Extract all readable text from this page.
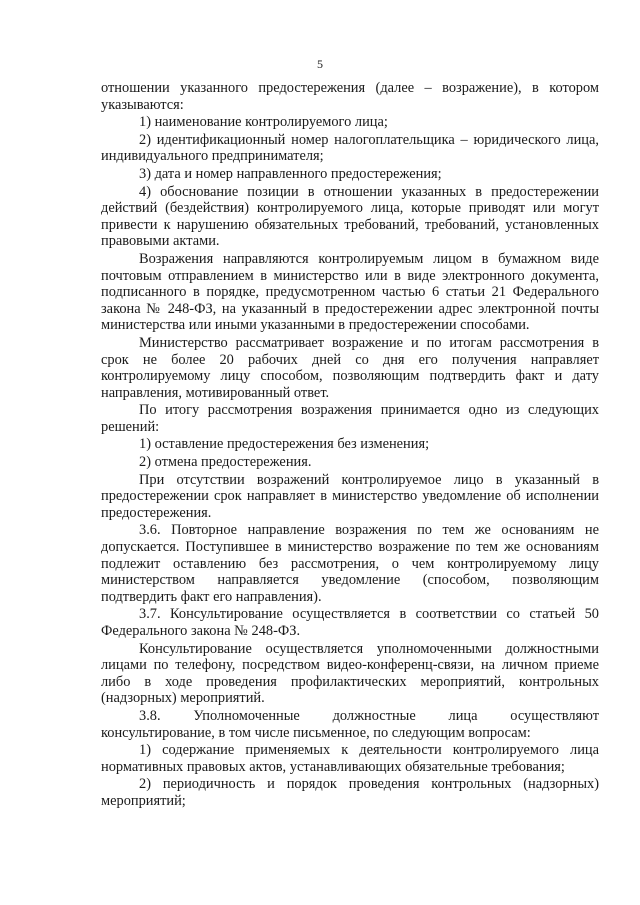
5

отношении указанного предостережения (далее – возражение), в котором указываются:

1) наименование контролируемого лица;

2) идентификационный номер налогоплательщика – юридического лица, индивидуального предпринимателя;

3) дата и номер направленного предостережения;

4) обоснование позиции в отношении указанных в предостережении действий (бездействия) контролируемого лица, которые приводят или могут привести к нарушению обязательных требований, требований, установленных правовыми актами.

Возражения направляются контролируемым лицом в бумажном виде почтовым отправлением в министерство или в виде электронного документа, подписанного в порядке, предусмотренном частью 6 статьи 21 Федерального закона № 248-ФЗ, на указанный в предостережении адрес электронной почты министерства или иными указанными в предостережении способами.

Министерство рассматривает возражение и по итогам рассмотрения в срок не более 20 рабочих дней со дня его получения направляет контролируемому лицу способом, позволяющим подтвердить факт и дату направления, мотивированный ответ.

По итогу рассмотрения возражения принимается одно из следующих решений:

1) оставление предостережения без изменения;

2) отмена предостережения.

При отсутствии возражений контролируемое лицо в указанный в предостережении срок направляет в министерство уведомление об исполнении предостережения.

3.6. Повторное направление возражения по тем же основаниям не допускается. Поступившее в министерство возражение по тем же основаниям подлежит оставлению без рассмотрения, о чем контролируемому лицу министерством направляется уведомление (способом, позволяющим подтвердить факт его направления).

3.7. Консультирование осуществляется в соответствии со статьей 50 Федерального закона № 248-ФЗ.

Консультирование осуществляется уполномоченными должностными лицами по телефону, посредством видео-конференц-связи, на личном приеме либо в ходе проведения профилактических мероприятий, контрольных (надзорных) мероприятий.

3.8. Уполномоченные должностные лица осуществляют консультирование, в том числе письменное, по следующим вопросам:

1) содержание применяемых к деятельности контролируемого лица нормативных правовых актов, устанавливающих обязательные требования;

2) периодичность и порядок проведения контрольных (надзорных) мероприятий;
